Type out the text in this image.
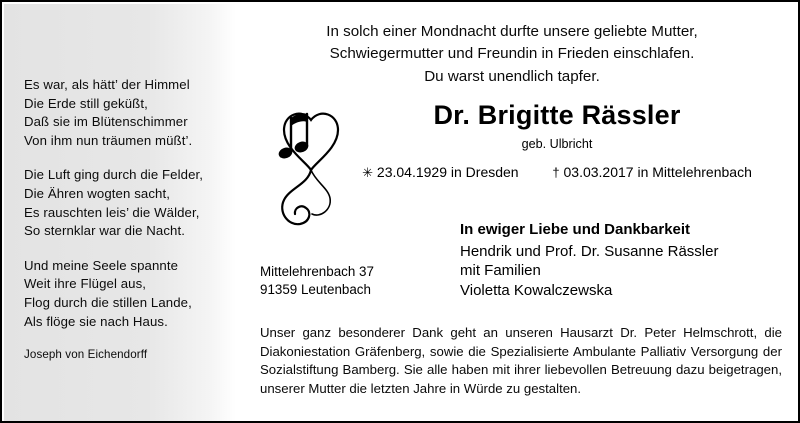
Es war, als hätt’ der Himmel
Die Erde still geküßt,
Daß sie im Blütenschimmer
Von ihm nun träumen müßt’.
Die Luft ging durch die Felder,
Die Ähren wogten sacht,
Es rauschten leis’ die Wälder,
So sternklar war die Nacht.
Und meine Seele spannte
Weit ihre Flügel aus,
Flog durch die stillen Lande,
Als flöge sie nach Haus.
Joseph von Eichendorff
In solch einer Mondnacht durfte unsere geliebte Mutter,
Schwiegermutter und Freundin in Frieden einschlafen.
Du warst unendlich tapfer.
Dr. Brigitte Rässler
geb. Ulbricht
✳ 23.04.1929 in Dresden	† 03.03.2017 in Mittelehrenbach
In ewiger Liebe und Dankbarkeit
Hendrik und Prof. Dr. Susanne Rässler
mit Familien
Violetta Kowalczewska
Mittelehrenbach 37
91359 Leutenbach
Unser ganz besonderer Dank geht an unseren Hausarzt Dr. Peter Helmschrott, die Diakoniestation Gräfenberg, sowie die Spezialisierte Ambulante Palliativ Versorgung der Sozialstiftung Bamberg. Sie alle haben mit ihrer liebevollen Betreuung dazu beigetragen, unserer Mutter die letzten Jahre in Würde zu gestalten.
